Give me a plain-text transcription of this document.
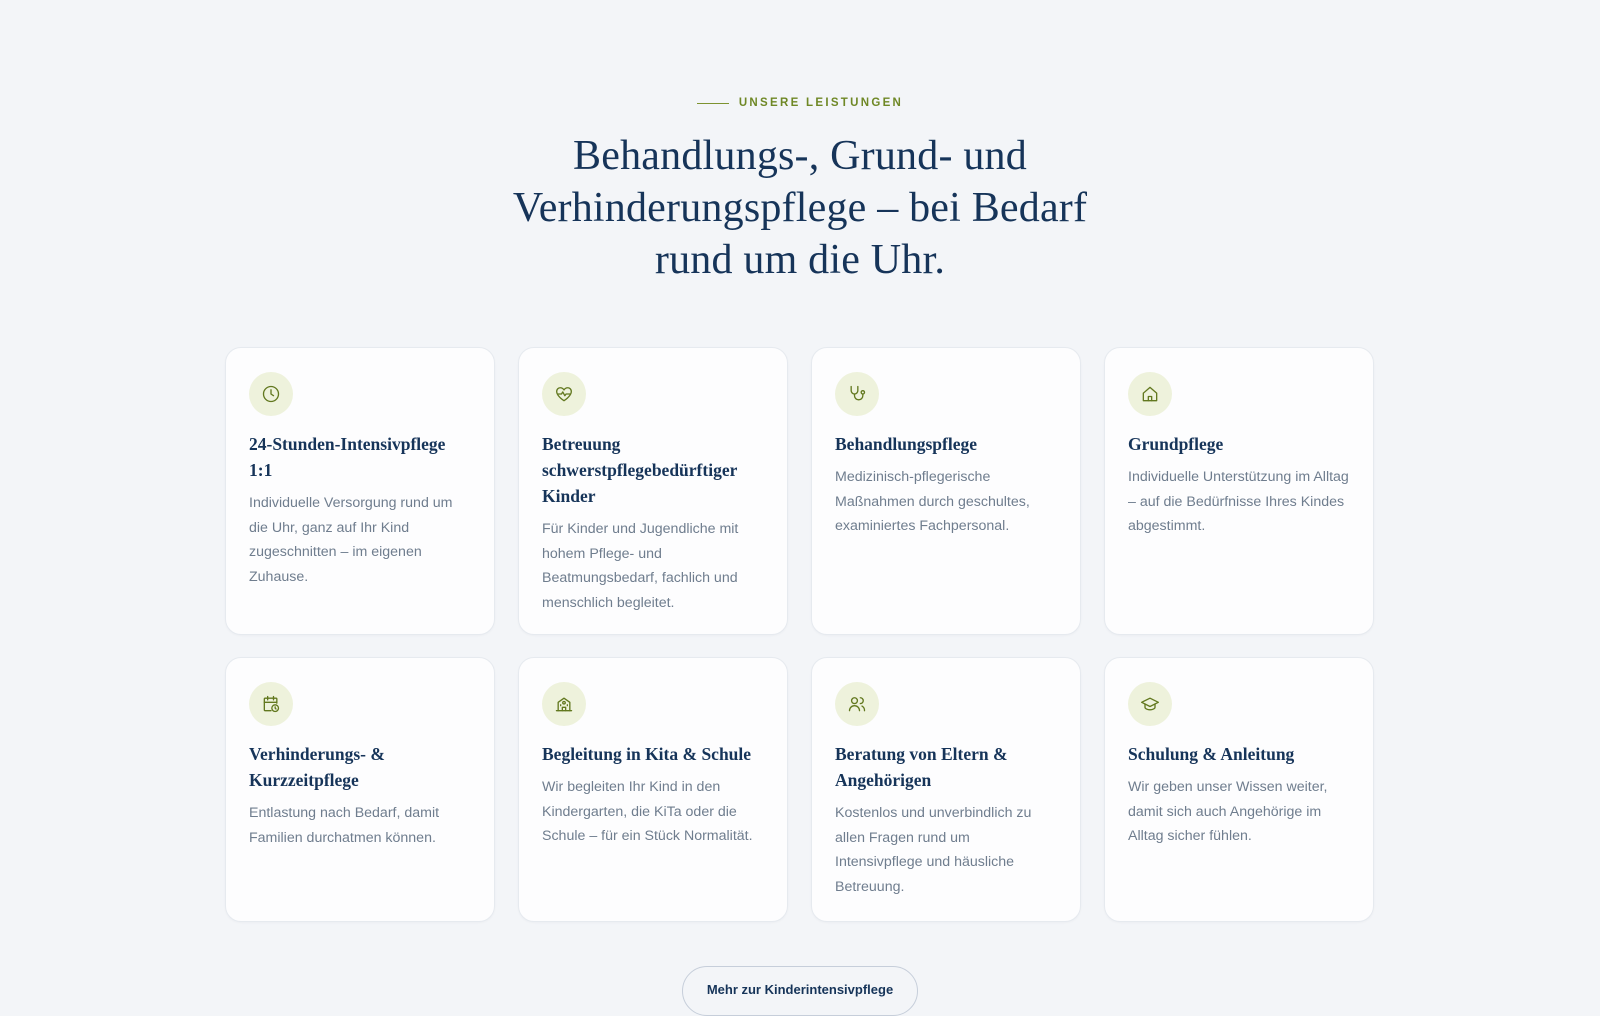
UNSERE LEISTUNGEN
Behandlungs-, Grund- und Verhinderungspflege – bei Bedarf rund um die Uhr.
24-Stunden-Intensivpflege 1:1

Individuelle Versorgung rund um die Uhr, ganz auf Ihr Kind zugeschnitten – im eigenen Zuhause.

Betreuung schwerstpflegebedürftiger Kinder

Für Kinder und Jugendliche mit hohem Pflege- und Beatmungsbedarf, fachlich und menschlich begleitet.

Behandlungspflege

Medizinisch-pflegerische Maßnahmen durch geschultes, examiniertes Fachpersonal.

Grundpflege

Individuelle Unterstützung im Alltag – auf die Bedürfnisse Ihres Kindes abgestimmt.

Verhinderungs- & Kurzzeitpflege

Entlastung nach Bedarf, damit Familien durchatmen können.

Begleitung in Kita & Schule

Wir begleiten Ihr Kind in den Kindergarten, die KiTa oder die Schule – für ein Stück Normalität.

Beratung von Eltern & Angehörigen

Kostenlos und unverbindlich zu allen Fragen rund um Intensivpflege und häusliche Betreuung.

Schulung & Anleitung

Wir geben unser Wissen weiter, damit sich auch Angehörige im Alltag sicher fühlen.

Mehr zur Kinderintensivpflege
